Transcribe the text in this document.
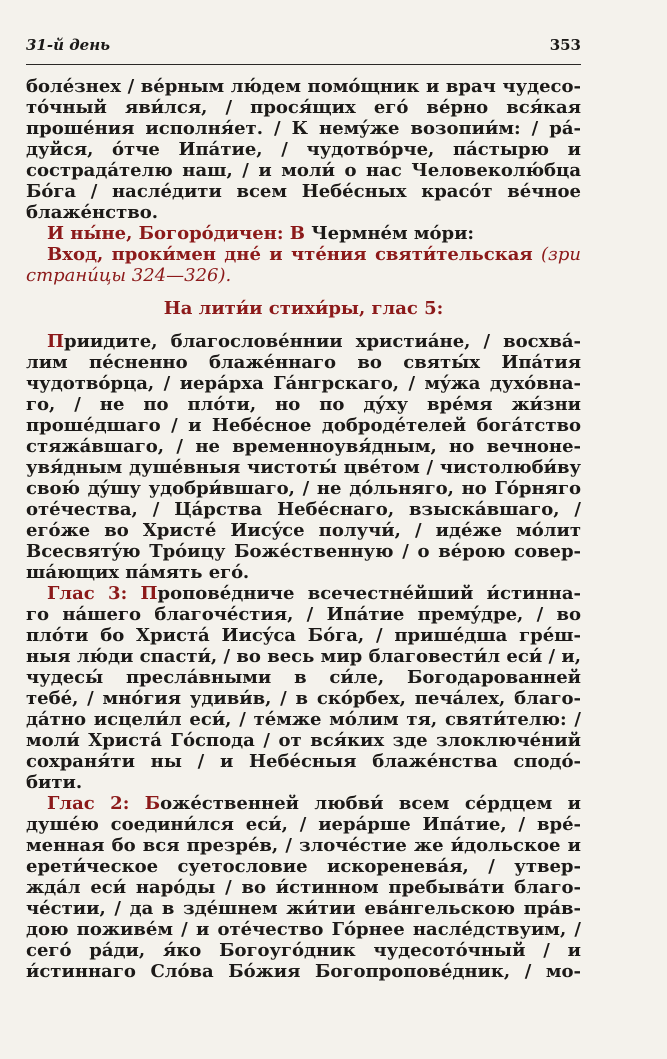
31-й день	353
болéзнех / вéрным лю́дем помóщник и врач чудесо-
тóчный яви́лся, / прося́щих егó вéрно вся́кая
прошéния исполня́ет. / К немýже возопии́м: / рá-
дуйся, óтче Ипáтие, / чудотвóрче, пáстырю и
сострадáтелю наш, / и моли́ о нас Человеколю́бца
Бóга / наслéдити всем Небéсных красóт вéчное
блажéнство.
И ны́не, Богорóдичен: В Чермнéм мóри:
Вход, проки́мен днé и чтéния святи́тельская (зри
страни́цы 324—326).
На лити́и стихи́ры, глас 5:
Приидите, благословéннии христиáне, / восхвá-
лим пéсненно блажéннаго во святы́х Ипáтия
чудотвóрца, / иерáрха Гáнгрскаго, / мýжа духóвна-
го, / не по плóти, но по дýху врéмя жи́зни
прошéдшаго / и Небéсное добродéтелей богáтство
стяжáвшаго, / не временноувя́дным, но вечноне-
увя́дным душéвныя чистоты́ цвéтом / чистолюби́ву
свою́ дýшу удобри́вшаго, / не дóльняго, но Гóрняго
отéчества, / Цáрства Небéснаго, взыскáвшаго, /
егóже во Христé Иисýсе получи́, / идéже мóлит
Всесвятýю Трóицу Божéственную / о вéрою совер-
шáющих пáмять егó.
Глас 3: Пропове́дниче всечестне́йший и́стинна-
го нáшего благочéстия, / Ипáтие премýдре, / во
плóти бо Христá Иисýса Бóга, / пришéдша грéш-
ныя лю́ди спасти́, / во весь мир благовести́л еси́ / и,
чудесы́ преслáвными в си́ле, Богодарованней
тебé, / мнóгия удиви́в, / в скóрбех, печáлех, благо-
дáтно исцели́л еси́, / тéмже мóлим тя, святи́телю: /
моли́ Христá Гóспода / от вся́ких зде злоключéний
сохраня́ти ны / и Небéсныя блажéнства сподó-
бити.
Глас 2: Божéственней любви́ всем сéрдцем и
душéю соедини́лся еси́, / иерáрше Ипáтие, / врé-
менная бо вся презрéв, / злочéстие же и́дольское и
ерети́ческое суетословие искоренева́я, / утвер-
ждáл еси́ нарóды / во и́стинном пребывáти благо-
чéстии, / да в здéшнем жи́тии евáнгельскою прáв-
дою поживéм / и отéчество Гóрнее наслéдствуим, /
сегó рáди, я́ко Богоугóдник чудесотóчный / и
и́стиннаго Слóва Бóжия Богопроповéдник, / мо-
